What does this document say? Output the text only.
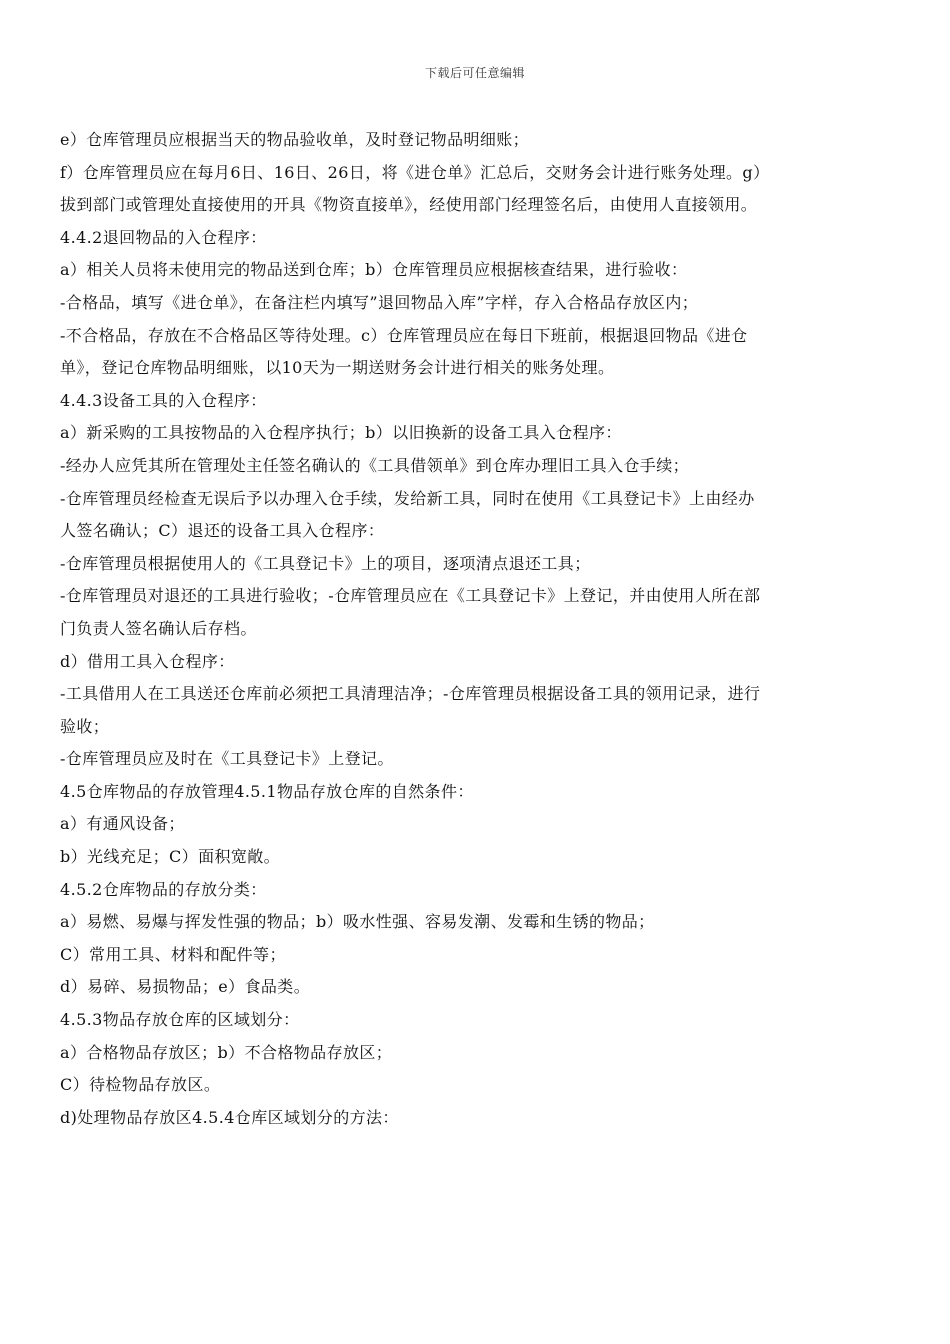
下载后可任意编辑
e）仓库管理员应根据当天的物品验收单，及时登记物品明细账；
f）仓库管理员应在每月6日、16日、26日，将《进仓单》汇总后，交财务会计进行账务处理。g）
拔到部门或管理处直接使用的开具《物资直接单》，经使用部门经理签名后，由使用人直接领用。
4.4.2退回物品的入仓程序：
a）相关人员将未使用完的物品送到仓库；b）仓库管理员应根据核查结果，进行验收：
-合格品，填写《进仓单》，在备注栏内填写”退回物品入库”字样，存入合格品存放区内；
-不合格品，存放在不合格品区等待处理。c）仓库管理员应在每日下班前，根据退回物品《进仓
单》，登记仓库物品明细账，以10天为一期送财务会计进行相关的账务处理。
4.4.3设备工具的入仓程序：
a）新采购的工具按物品的入仓程序执行；b）以旧换新的设备工具入仓程序：
-经办人应凭其所在管理处主任签名确认的《工具借领单》到仓库办理旧工具入仓手续；
-仓库管理员经检查无误后予以办理入仓手续，发给新工具，同时在使用《工具登记卡》上由经办
人签名确认；C）退还的设备工具入仓程序：
-仓库管理员根据使用人的《工具登记卡》上的项目，逐项清点退还工具；
-仓库管理员对退还的工具进行验收；-仓库管理员应在《工具登记卡》上登记，并由使用人所在部
门负责人签名确认后存档。
d）借用工具入仓程序：
-工具借用人在工具送还仓库前必须把工具清理洁净；-仓库管理员根据设备工具的领用记录，进行
验收；
-仓库管理员应及时在《工具登记卡》上登记。
4.5仓库物品的存放管理4.5.1物品存放仓库的自然条件：
a）有通风设备；
b）光线充足；C）面积宽敞。
4.5.2仓库物品的存放分类：
a）易燃、易爆与挥发性强的物品；b）吸水性强、容易发潮、发霉和生锈的物品；
C）常用工具、材料和配件等；
d）易碎、易损物品；e）食品类。
4.5.3物品存放仓库的区域划分：
a）合格物品存放区；b）不合格物品存放区；
C）待检物品存放区。
d)处理物品存放区4.5.4仓库区域划分的方法：
